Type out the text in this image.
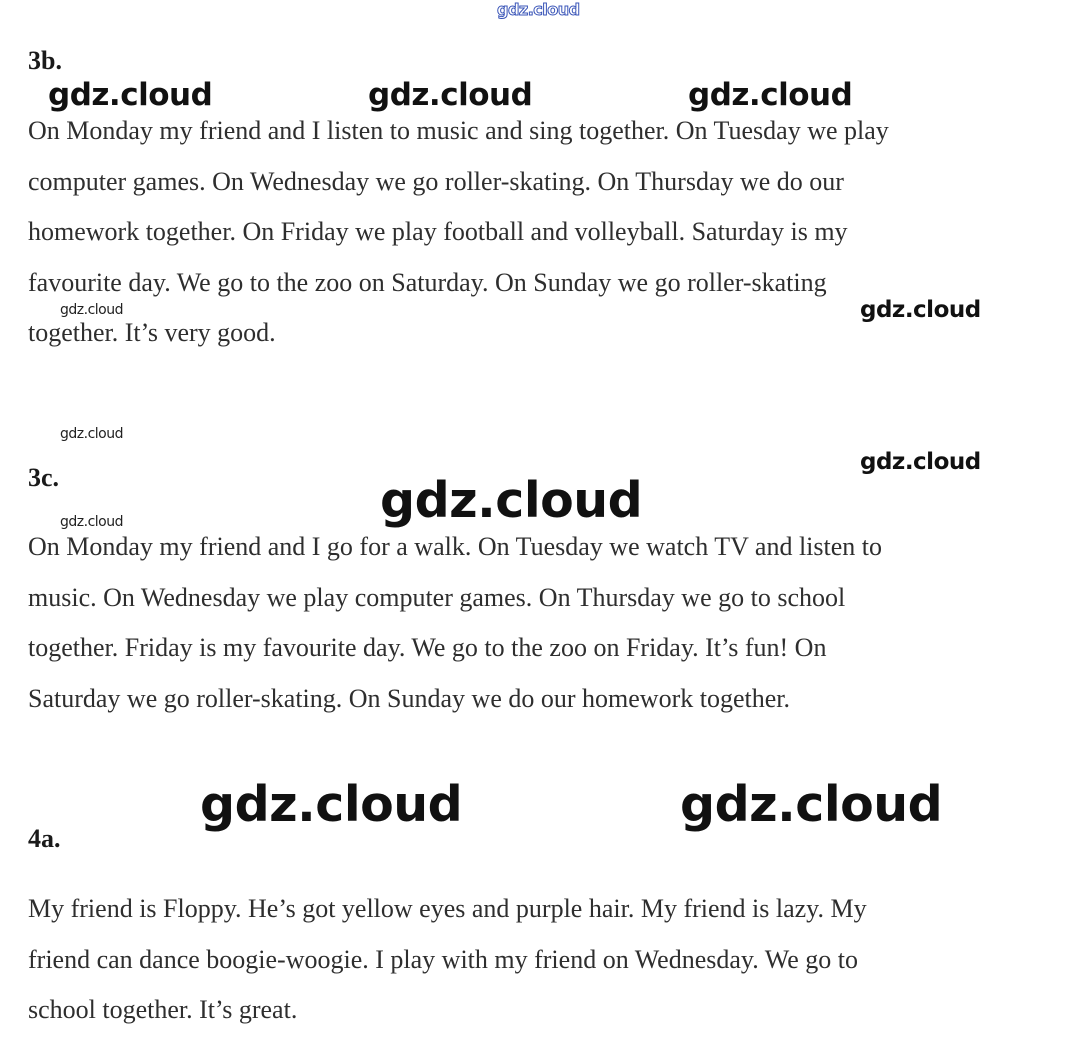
gdz.cloud
3b.
gdz.cloud	gdz.cloud	gdz.cloud
On Monday my friend and I listen to music and sing together. On Tuesday we play
computer games. On Wednesday we go roller-skating. On Thursday we do our
homework together. On Friday we play football and volleyball. Saturday is my
favourite day. We go to the zoo on Saturday. On Sunday we go roller-skating
together. It’s very good.
gdz.cloud	gdz.cloud
gdz.cloud
gdz.cloud
3c.	gdz.cloud
gdz.cloud
On Monday my friend and I go for a walk. On Tuesday we watch TV and listen to
music. On Wednesday we play computer games. On Thursday we go to school
together. Friday is my favourite day. We go to the zoo on Friday. It’s fun! On
Saturday we go roller-skating. On Sunday we do our homework together.
gdz.cloud	gdz.cloud
4a.
My friend is Floppy. He’s got yellow eyes and purple hair. My friend is lazy. My
friend can dance boogie-woogie. I play with my friend on Wednesday. We go to
school together. It’s great.
